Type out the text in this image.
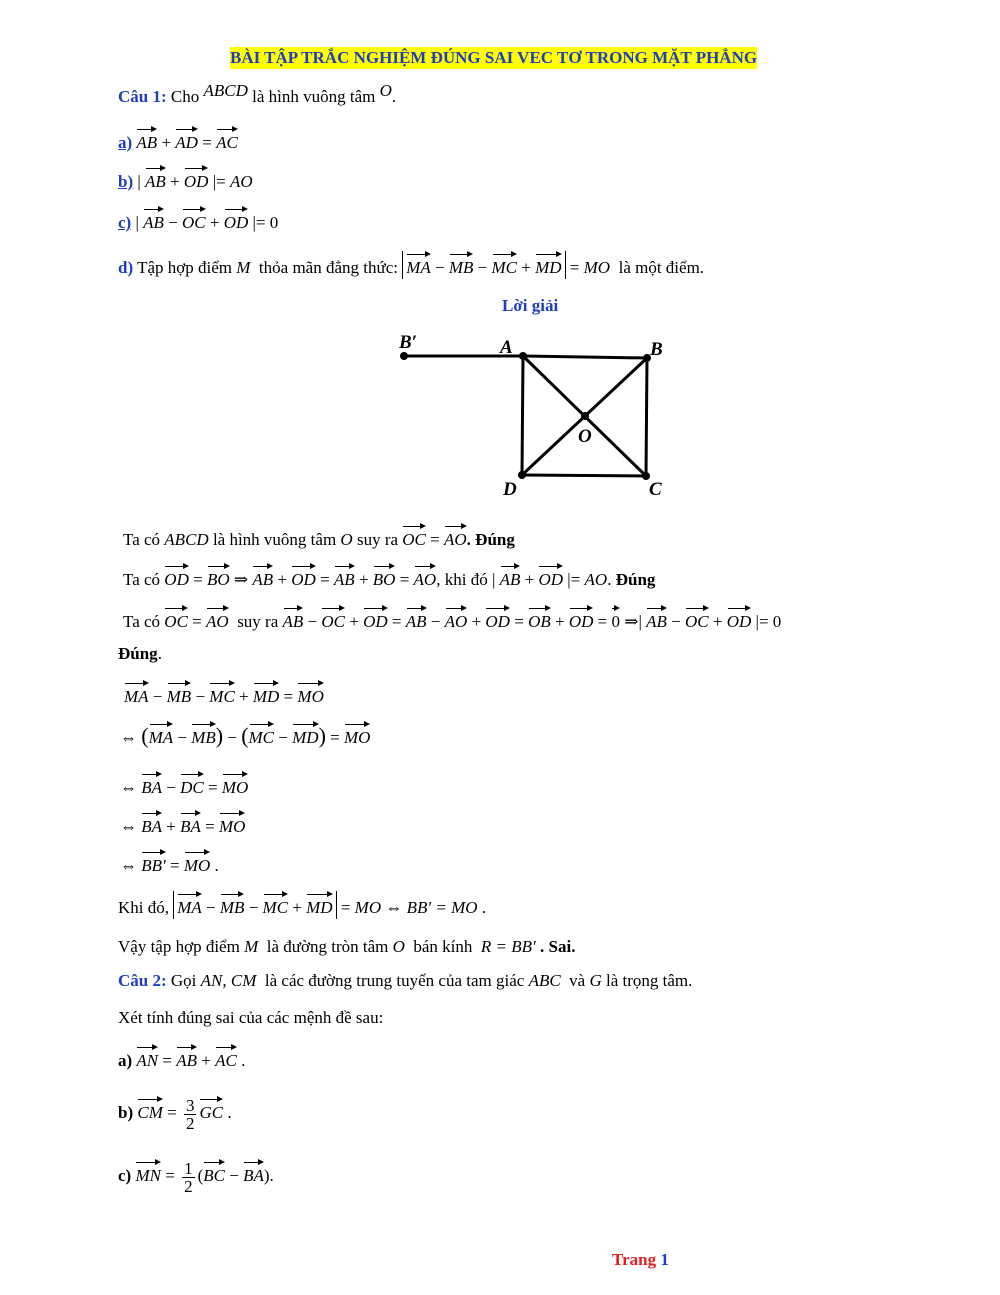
BÀI TẬP TRẮC NGHIỆM ĐÚNG SAI VEC TƠ TRONG MẶT PHẲNG
Câu 1: Cho ABCD là hình vuông tâm O.
a) AB + AD = AC
b) | AB + OD |= AO
c) | AB − OC + OD |= 0
d) Tập hợp điểm M thỏa mãn đẳng thức: MA − MB − MC + MD = MO là một điểm.
Lời giải
B′	A	B
O
D	C
Ta có ABCD là hình vuông tâm O suy ra OC = AO. Đúng
Ta có OD = BO ⇒ AB + OD = AB + BO = AO, khi đó | AB + OD |= AO. Đúng
Ta có OC = AO suy ra AB − OC + OD = AB − AO + OD = OB + OD = 0 ⇒| AB − OC + OD |= 0
Đúng.
MA − MB − MC + MD = MO
⇔ (MA − MB) − (MC − MD) = MO
⇔ BA − DC = MO
⇔ BA + BA = MO
⇔ BB′ = MO .
Khi đó, MA − MB − MC + MD = MO ⇔ BB′ = MO .
Vậy tập hợp điểm M là đường tròn tâm O bán kính R = BB′ . Sai.
Câu 2: Gọi AN, CM là các đường trung tuyến của tam giác ABC và G là trọng tâm.
Xét tính đúng sai của các mệnh đề sau:
a) AN = AB + AC .
b) CM = $\frac{3}{2}$ GC .
c) MN = $\frac{1}{2} (BC - BA)$.
Trang 1
